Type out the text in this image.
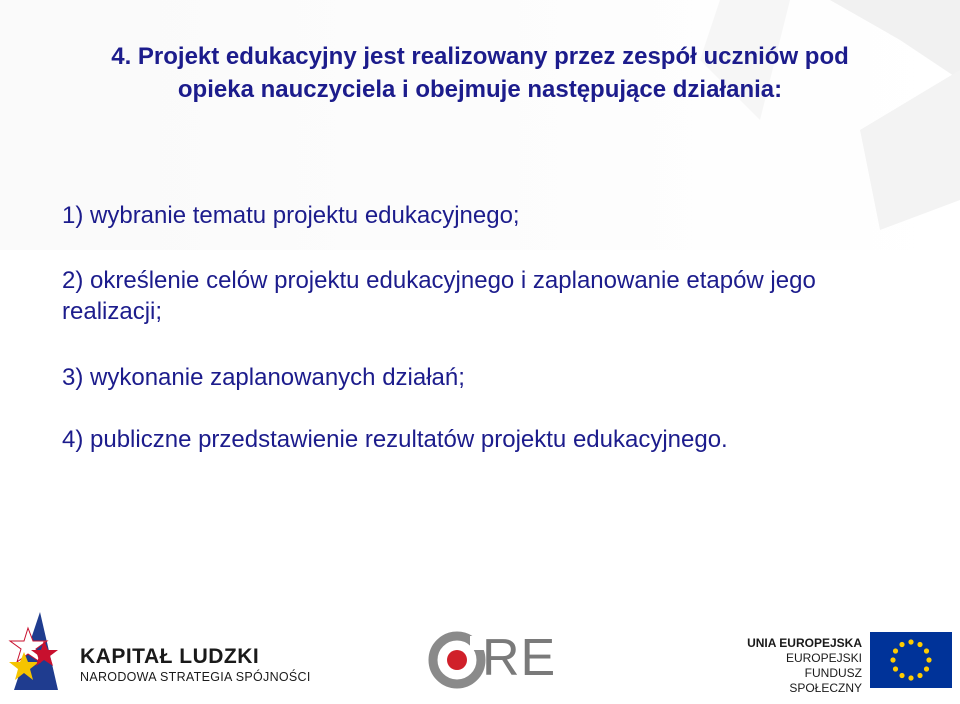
4. Projekt edukacyjny jest realizowany przez zespół uczniów pod
opieka nauczyciela i obejmuje następujące działania:
1) wybranie tematu projektu edukacyjnego;
2) określenie celów projektu edukacyjnego i zaplanowanie etapów jego
realizacji;
3) wykonanie zaplanowanych działań;
4) publiczne przedstawienie rezultatów projektu edukacyjnego.
KAPITAŁ LUDZKI
NARODOWA STRATEGIA SPÓJNOŚCI	RE	UNIA EUROPEJSKA
EUROPEJSKI
FUNDUSZ SPOŁECZNY
